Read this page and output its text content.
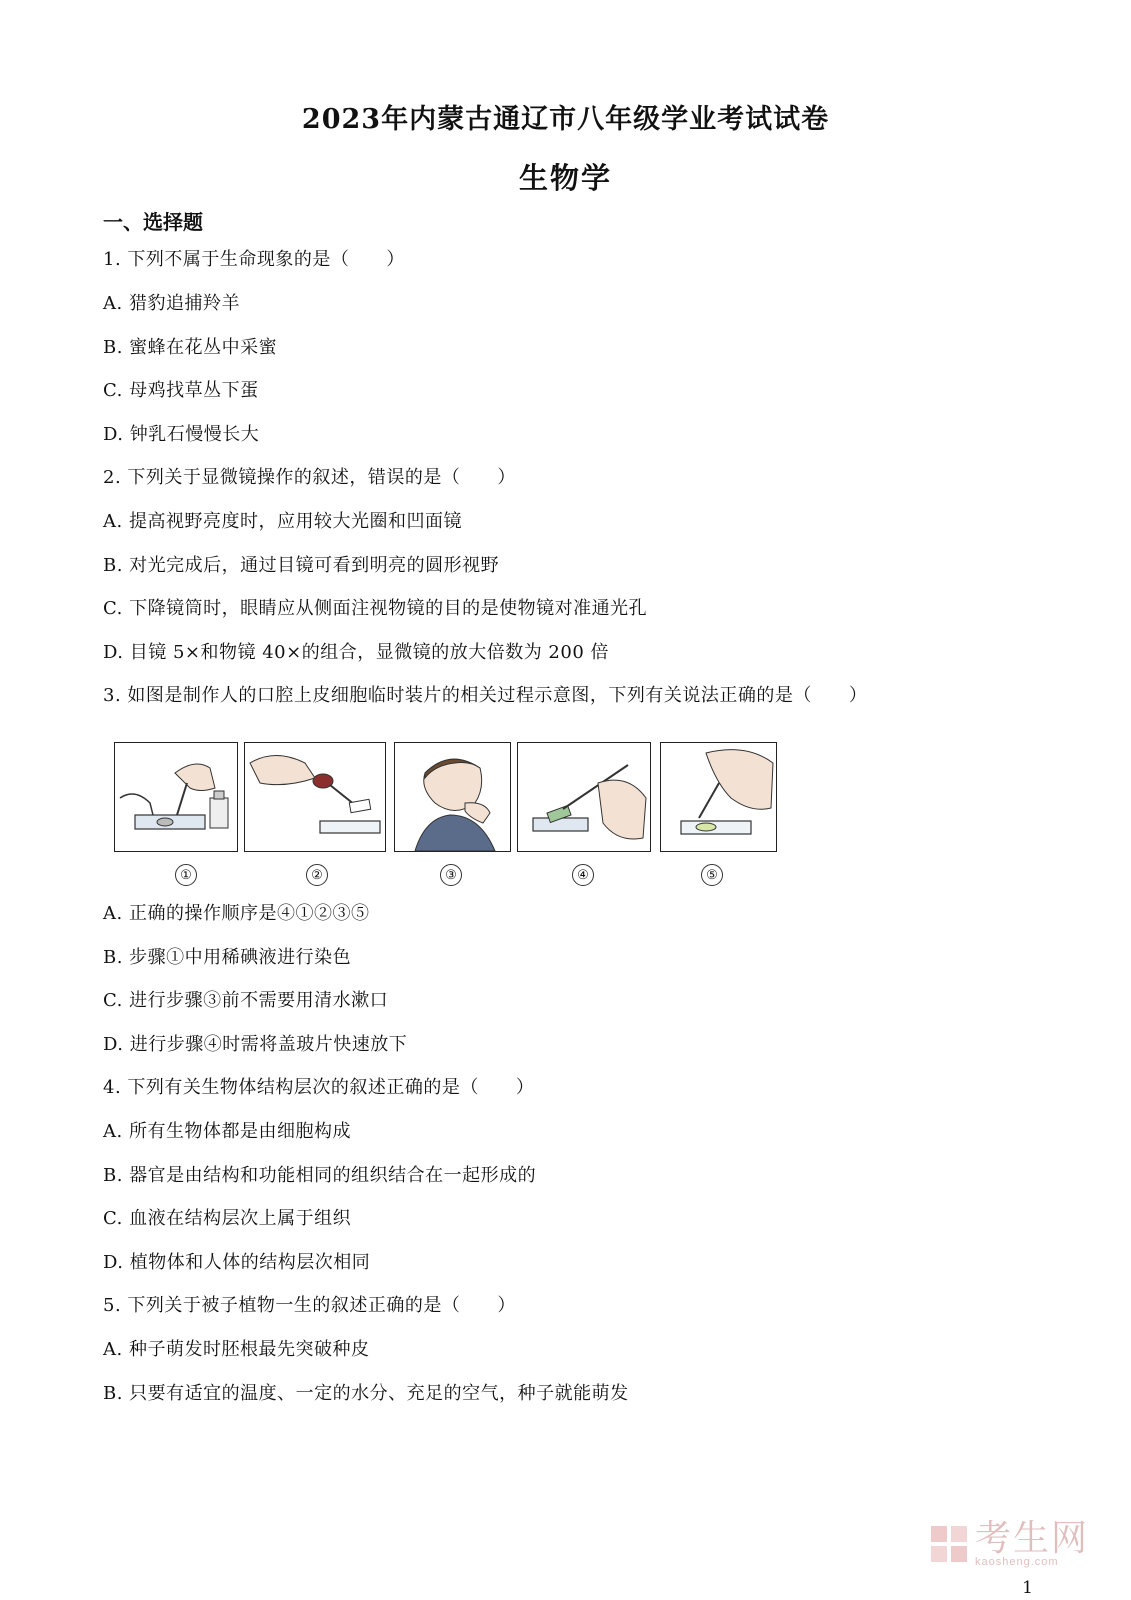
2023年内蒙古通辽市八年级学业考试试卷
生物学
一、选择题
1. 下列不属于生命现象的是（　　）
A. 猎豹追捕羚羊
B. 蜜蜂在花丛中采蜜
C. 母鸡找草丛下蛋
D. 钟乳石慢慢长大
2. 下列关于显微镜操作的叙述，错误的是（　　）
A. 提高视野亮度时，应用较大光圈和凹面镜
B. 对光完成后，通过目镜可看到明亮的圆形视野
C. 下降镜筒时，眼睛应从侧面注视物镜的目的是使物镜对准通光孔
D. 目镜 5×和物镜 40×的组合，显微镜的放大倍数为 200 倍
3. 如图是制作人的口腔上皮细胞临时装片的相关过程示意图，下列有关说法正确的是（　　）
①	②	③	④	⑤
A. 正确的操作顺序是④①②③⑤
B. 步骤①中用稀碘液进行染色
C. 进行步骤③前不需要用清水漱口
D. 进行步骤④时需将盖玻片快速放下
4. 下列有关生物体结构层次的叙述正确的是（　　）
A. 所有生物体都是由细胞构成
B. 器官是由结构和功能相同的组织结合在一起形成的
C. 血液在结构层次上属于组织
D. 植物体和人体的结构层次相同
5. 下列关于被子植物一生的叙述正确的是（　　）
A. 种子萌发时胚根最先突破种皮
B. 只要有适宜的温度、一定的水分、充足的空气，种子就能萌发
考生网
kaosheng.com
1
